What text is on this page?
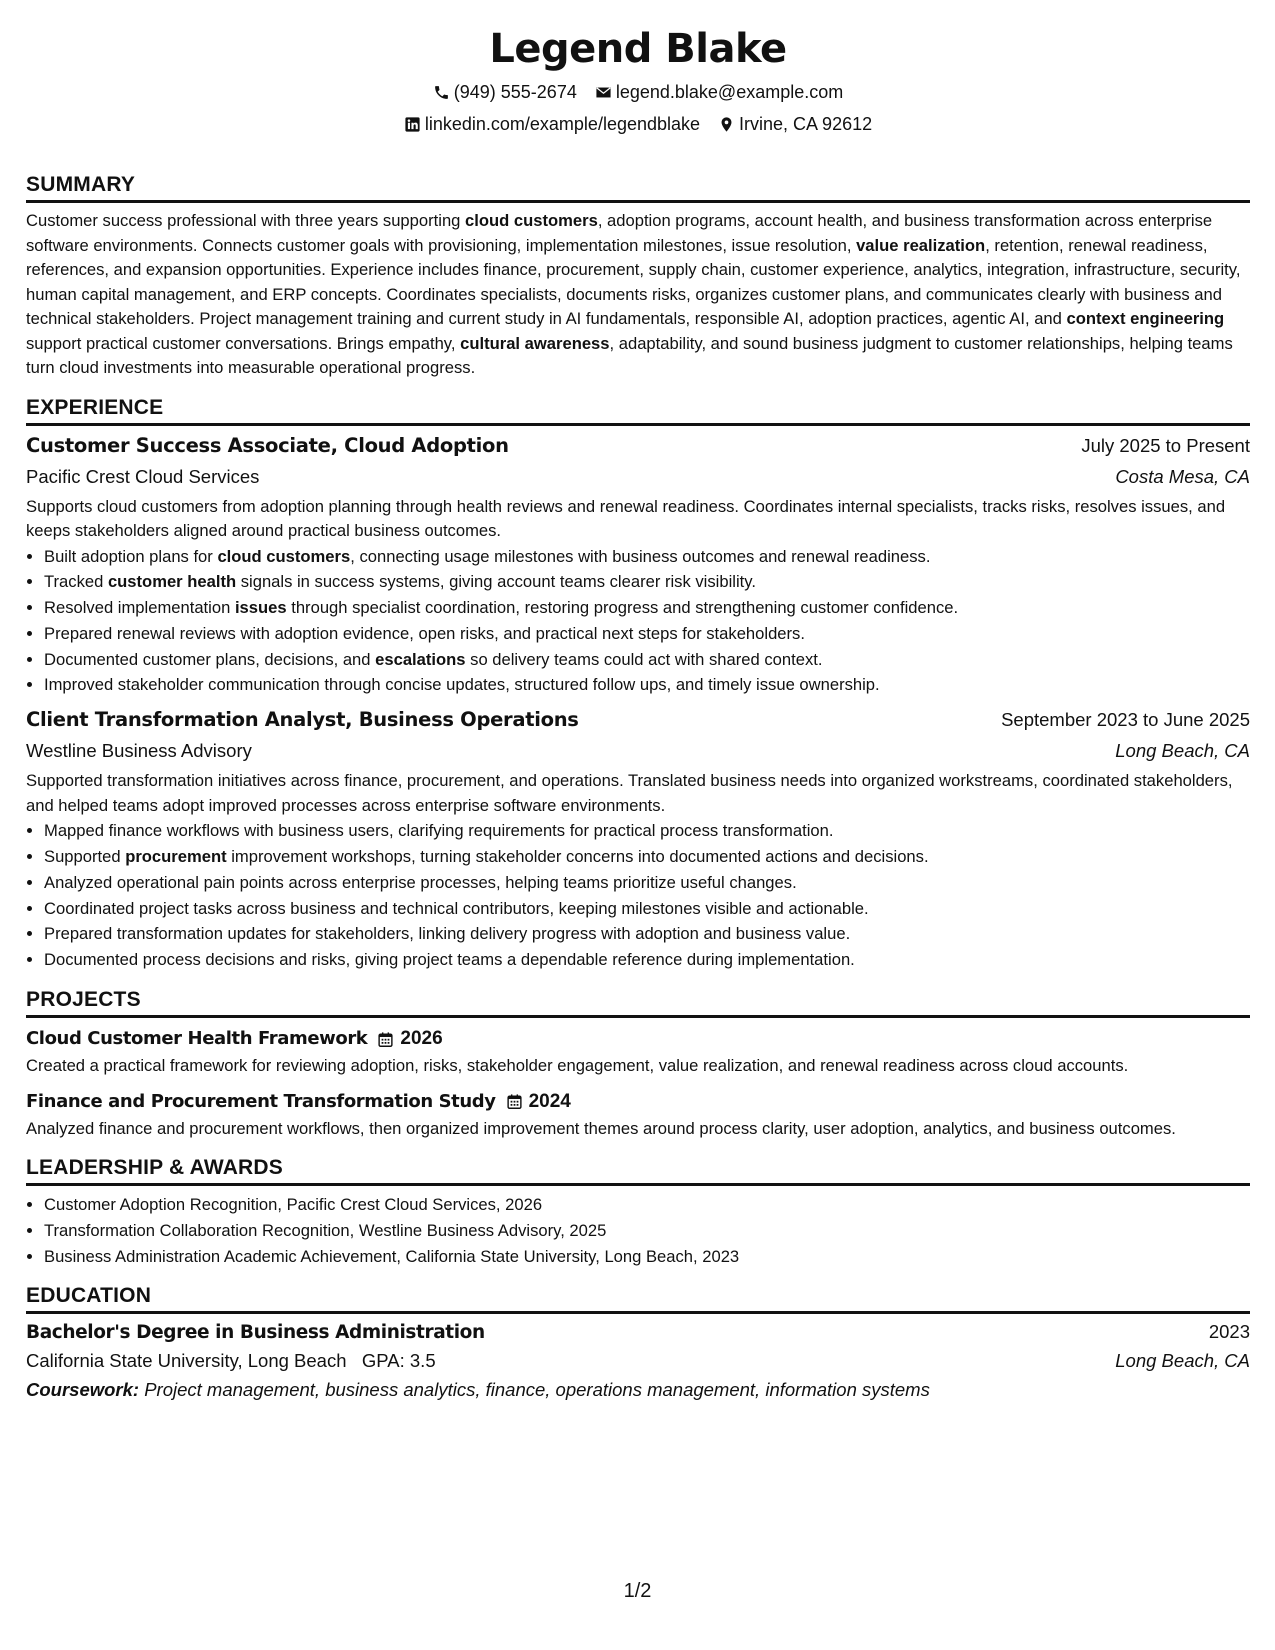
Legend Blake
(949) 555-2674 legend.blake@example.com
linkedin.com/example/legendblake Irvine, CA 92612
SUMMARY

Customer success professional with three years supporting cloud customers, adoption programs, account health, and business transformation across enterprise software environments. Connects customer goals with provisioning, implementation milestones, issue resolution, value realization, retention, renewal readiness, references, and expansion opportunities. Experience includes finance, procurement, supply chain, customer experience, analytics, integration, infrastructure, security, human capital management, and ERP concepts. Coordinates specialists, documents risks, organizes customer plans, and communicates clearly with business and technical stakeholders. Project management training and current study in AI fundamentals, responsible AI, adoption practices, agentic AI, and context engineering support practical customer conversations. Brings empathy, cultural awareness, adaptability, and sound business judgment to customer relationships, helping teams turn cloud investments into measurable operational progress.

EXPERIENCE
Customer Success Associate, Cloud Adoption	July 2025 to Present
Pacific Crest Cloud Services	Costa Mesa, CA

Supports cloud customers from adoption planning through health reviews and renewal readiness. Coordinates internal specialists, tracks risks, resolves issues, and keeps stakeholders aligned around practical business outcomes.

• Built adoption plans for cloud customers, connecting usage milestones with business outcomes and renewal readiness.
• Tracked customer health signals in success systems, giving account teams clearer risk visibility.
• Resolved implementation issues through specialist coordination, restoring progress and strengthening customer confidence.
• Prepared renewal reviews with adoption evidence, open risks, and practical next steps for stakeholders.
• Documented customer plans, decisions, and escalations so delivery teams could act with shared context.
• Improved stakeholder communication through concise updates, structured follow ups, and timely issue ownership.
Client Transformation Analyst, Business Operations	September 2023 to June 2025
Westline Business Advisory	Long Beach, CA

Supported transformation initiatives across finance, procurement, and operations. Translated business needs into organized workstreams, coordinated stakeholders, and helped teams adopt improved processes across enterprise software environments.

• Mapped finance workflows with business users, clarifying requirements for practical process transformation.
• Supported procurement improvement workshops, turning stakeholder concerns into documented actions and decisions.
• Analyzed operational pain points across enterprise processes, helping teams prioritize useful changes.
• Coordinated project tasks across business and technical contributors, keeping milestones visible and actionable.
• Prepared transformation updates for stakeholders, linking delivery progress with adoption and business value.
• Documented process decisions and risks, giving project teams a dependable reference during implementation.
PROJECTS
Cloud Customer Health Framework 2026

Created a practical framework for reviewing adoption, risks, stakeholder engagement, value realization, and renewal readiness across cloud accounts.

Finance and Procurement Transformation Study 2024

Analyzed finance and procurement workflows, then organized improvement themes around process clarity, user adoption, analytics, and business outcomes.

LEADERSHIP & AWARDS
• Customer Adoption Recognition, Pacific Crest Cloud Services, 2026
• Transformation Collaboration Recognition, Westline Business Advisory, 2025
• Business Administration Academic Achievement, California State University, Long Beach, 2023
EDUCATION
Bachelor's Degree in Business Administration	2023
California State University, Long Beach GPA: 3.5	Long Beach, CA
Coursework: Project management, business analytics, finance, operations management, information systems
1/2
